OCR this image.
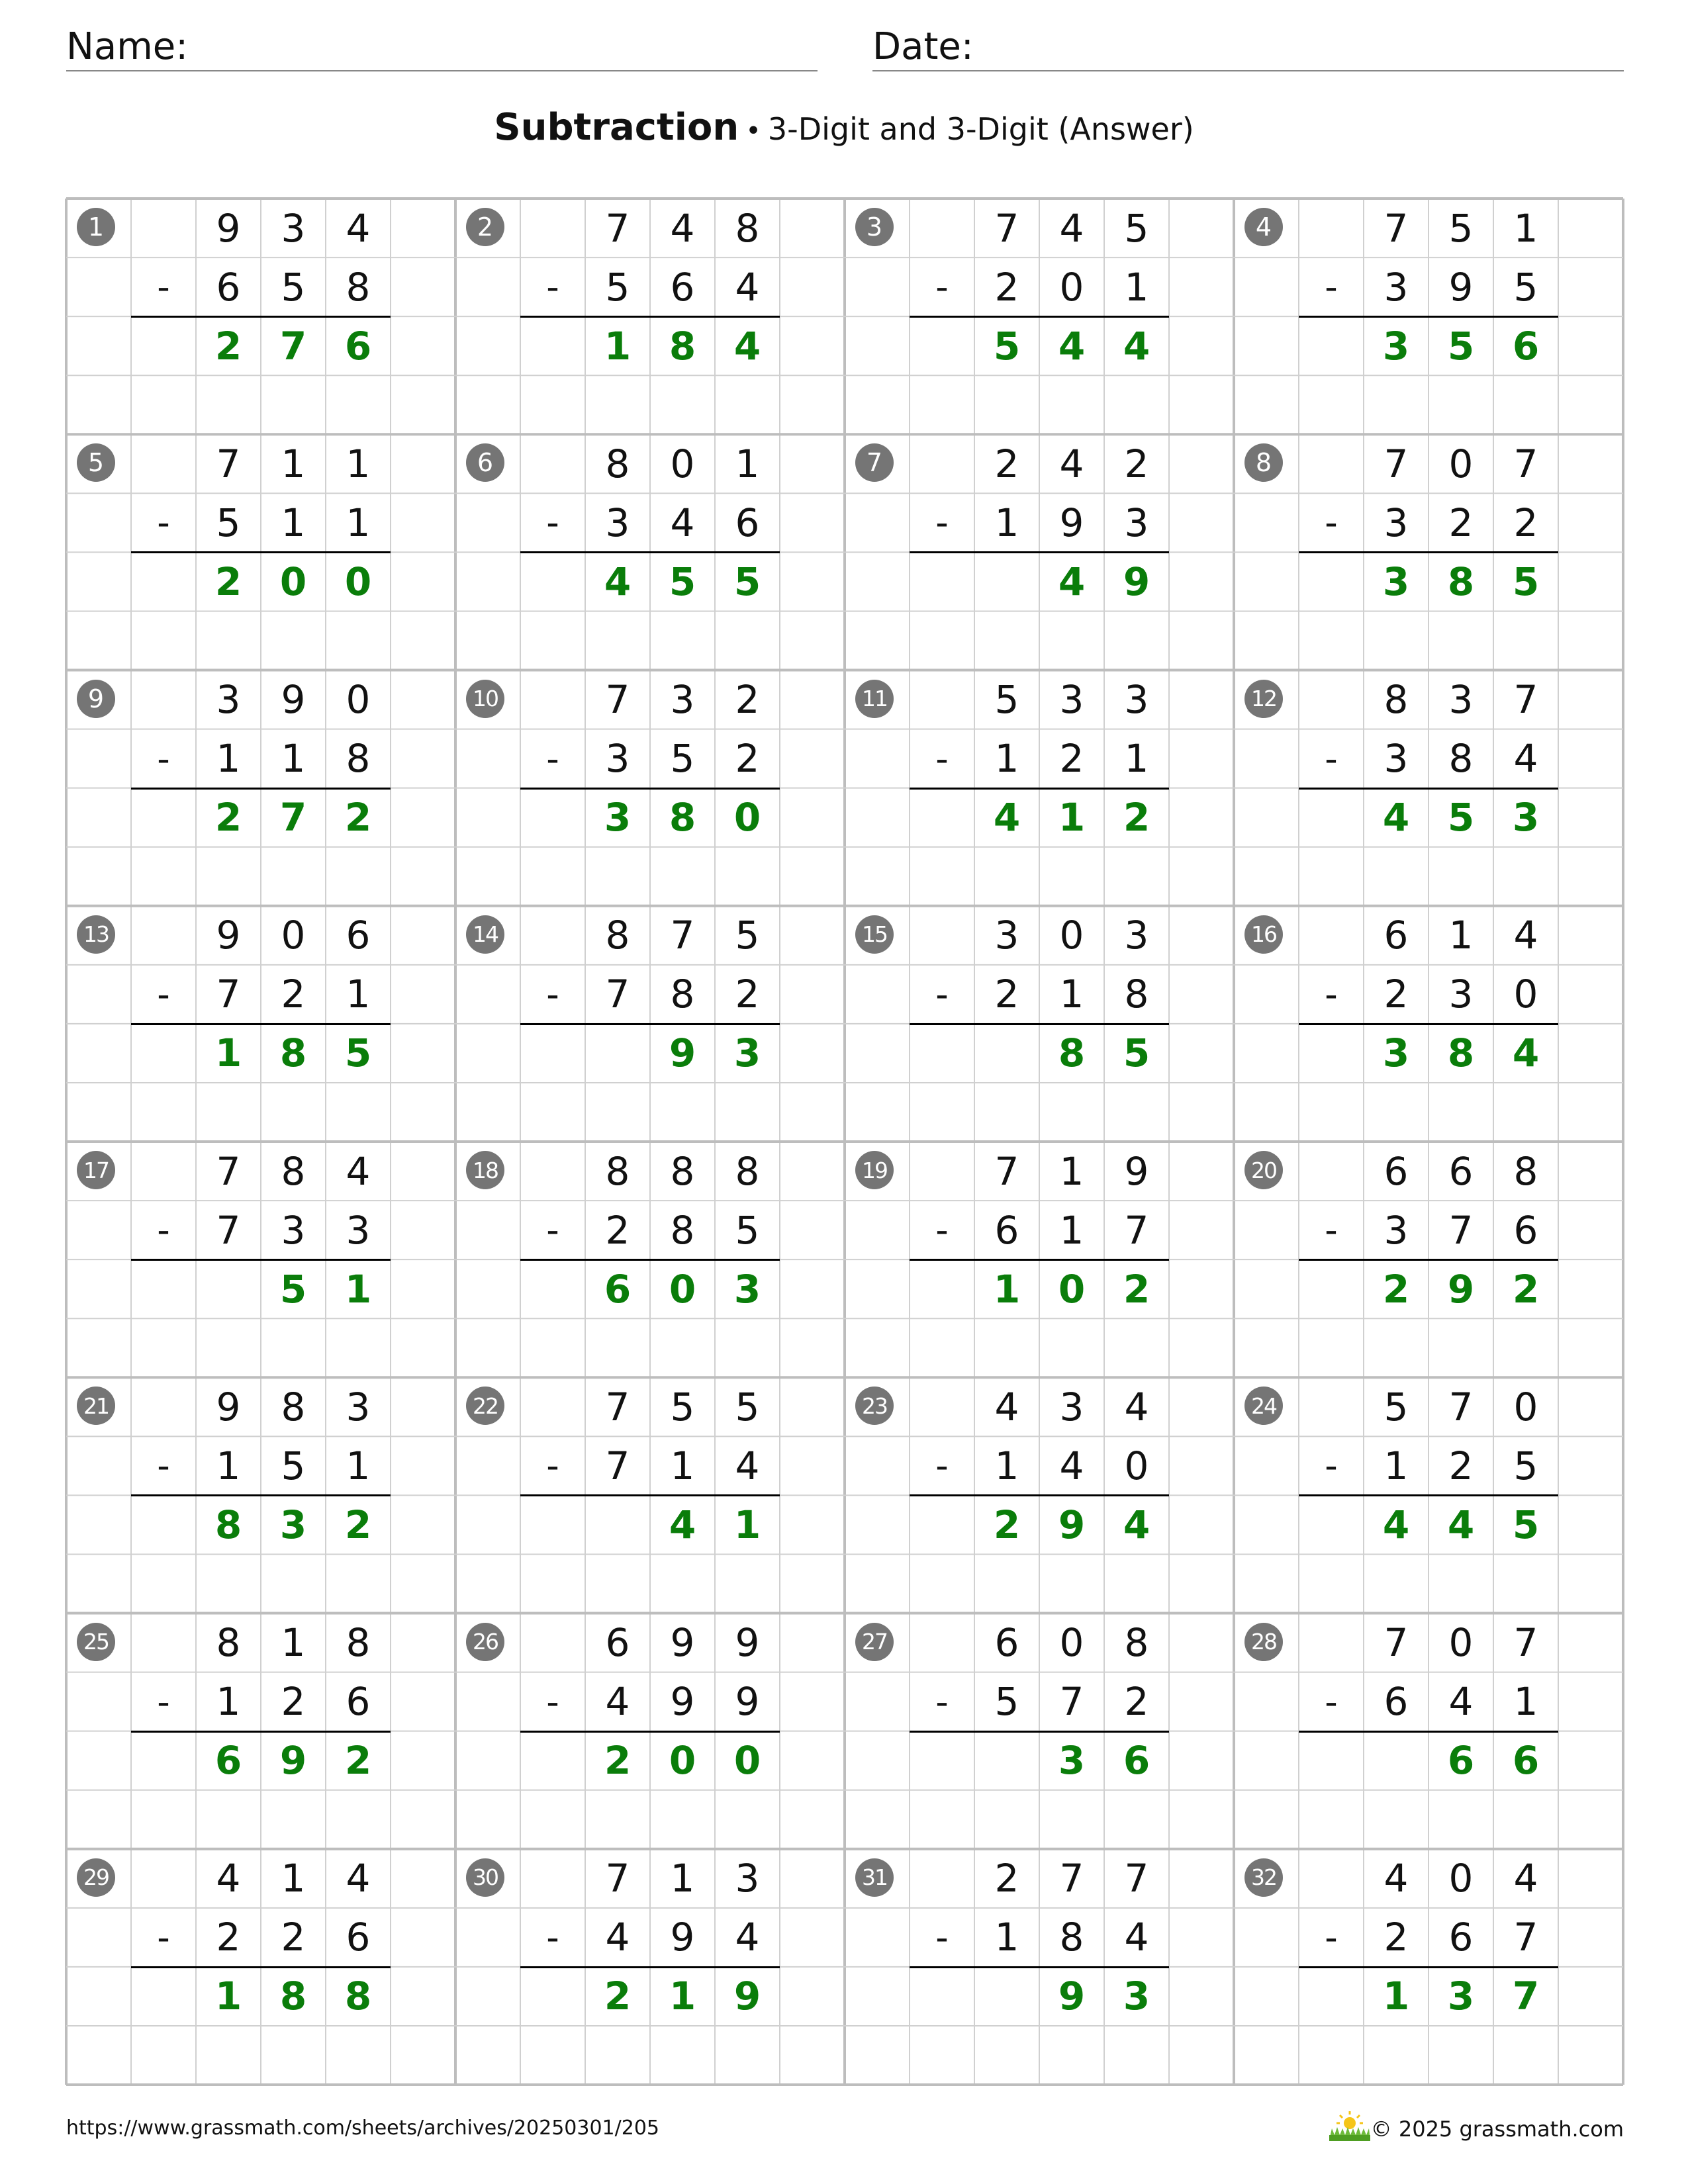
Name:	Date:
Subtraction • 3-Digit and 3-Digit (Answer)
1	9	3	4
-	6	5	8
2 7 6
2	7	4	8
-	5	6	4
1 8 4
3	7	4	5
-	2	0	1
5 4 4
4	7	5	1
-	3	9	5
3 5 6
5	7	1	1
-	5	1	1
2 0 0
6	8	0	1
-	3	4	6
4 5 5
7	2	4	2
-	1	9	3
4 9
8	7	0	7
-	3	2	2
3 8 5
9	3	9	0
-	1	1	8
2 7 2
10	7	3	2
-	3	5	2
3 8 0
11	5	3	3
-	1	2	1
4 1 2
12	8	3	7
-	3	8	4
4 5 3
13	9	0	6
-	7	2	1
1 8 5
14	8	7	5
-	7	8	2
9 3
15	3	0	3
-	2	1	8
8 5
16	6	1	4
-	2	3	0
3 8 4
17	7	8	4
-	7	3	3
5 1
18	8	8	8
-	2	8	5
6 0 3
19	7	1	9
-	6	1	7
1 0 2
20	6	6	8
-	3	7	6
2 9 2
21	9	8	3
-	1	5	1
8 3 2
22	7	5	5
-	7	1	4
4 1
23	4	3	4
-	1	4	0
2 9 4
24	5	7	0
-	1	2	5
4 4 5
25	8	1	8
-	1	2	6
6 9 2
26	6	9	9
-	4	9	9
2 0 0
27	6	0	8
-	5	7	2
3 6
28	7	0	7
-	6	4	1
6 6
29	4	1	4
-	2	2	6
1 8 8
30	7	1	3
-	4	9	4
2 1 9
31	2	7	7
-	1	8	4
9 3
32	4	0	4
-	2	6	7
1 3 7
https://www.grassmath.com/sheets/archives/20250301/205	© 2025 grassmath.com
